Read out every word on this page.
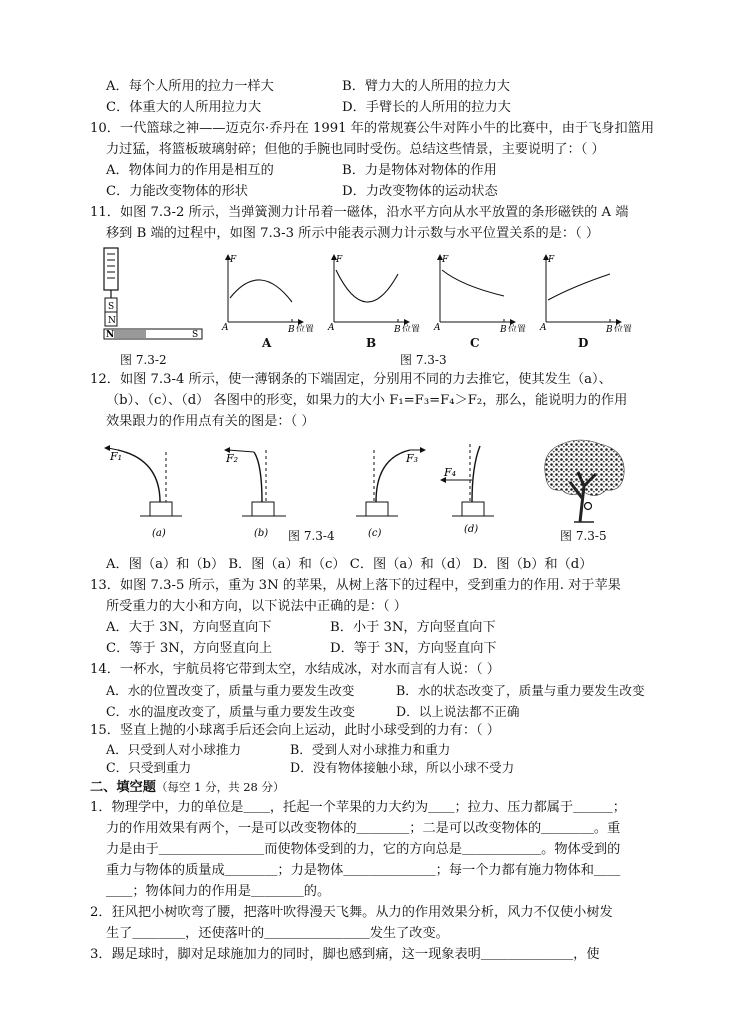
A．每个人所用的拉力一样大	B．臂力大的人所用的拉力大
C．体重大的人所用拉力大	D．手臂长的人所用的拉力大
10．一代篮球之神——迈克尔·乔丹在 1991 年的常规赛公牛对阵小牛的比赛中，由于飞身扣篮用
力过猛，将篮板玻璃射碎；但他的手腕也同时受伤。总结这些情景，主要说明了：（ ）
A．物体间力的作用是相互的	B．力是物体对物体的作用
C．力能改变物体的形状	D．力改变物体的运动状态
11．如图 7.3-2 所示，当弹簧测力计吊着一磁体，沿水平方向从水平放置的条形磁铁的 A 端
移到 B 端的过程中，如图 7.3-3 所示中能表示测力计示数与水平位置关系的是：（ ）
S
N
N	S
图 7.3-2
F
A	B 位置
F
A	B 位置
F
A	B 位置
F
A	B 位置
A	B	C	D
图 7.3-3
12．如图 7.3-4 所示，使一薄钢条的下端固定，分别用不同的力去推它，使其发生（a）、
（b）、（c）、（d） 各图中的形变，如果力的大小 F₁=F₃=F₄＞F₂，那么，能说明力的作用
效果跟力的作用点有关的图是：（ ）
F₁
(a)
F₂
(b)
F₃
(c)
F₄
(d)
图 7.3-4	图 7.3-5
A．图（a）和（b） B．图（a）和（c） C．图（a）和（d） D．图（b）和（d）
13．如图 7.3-5 所示，重为 3N 的苹果，从树上落下的过程中，受到重力的作用. 对于苹果
所受重力的大小和方向，以下说法中正确的是：（ ）
A．大于 3N，方向竖直向下	B．小于 3N，方向竖直向下
C．等于 3N，方向竖直向上	D．等于 3N，方向竖直向下
14．一杯水，宇航员将它带到太空，水结成冰，对水而言有人说：（ ）
A．水的位置改变了，质量与重力要发生改变	B．水的状态改变了，质量与重力要发生改变
C．水的温度改变了，质量与重力要发生改变	D．以上说法都不正确
15．竖直上抛的小球离手后还会向上运动，此时小球受到的力有：（ ）
A．只受到人对小球推力	B．受到人对小球推力和重力
C．只受到重力	D．没有物体接触小球，所以小球不受力
二、填空题（每空 1 分，共 28 分）
1．物理学中，力的单位是＿＿，托起一个苹果的力大约为＿＿；拉力、压力都属于＿＿＿；
力的作用效果有两个，一是可以改变物体的＿＿＿＿；二是可以改变物体的＿＿＿＿。重
力是由于＿＿＿＿＿＿＿＿而使物体受到的力，它的方向总是＿＿＿＿＿＿。物体受到的
重力与物体的质量成＿＿＿＿；力是物体＿＿＿＿＿＿＿；每一个力都有施力物体和＿＿
＿＿；物体间力的作用是＿＿＿＿的。
2．狂风把小树吹弯了腰，把落叶吹得漫天飞舞。从力的作用效果分析，风力不仅使小树发
生了＿＿＿＿，还使落叶的＿＿＿＿＿＿＿＿发生了改变。
3．踢足球时，脚对足球施加力的同时，脚也感到痛，这一现象表明＿＿＿＿＿＿＿，使
